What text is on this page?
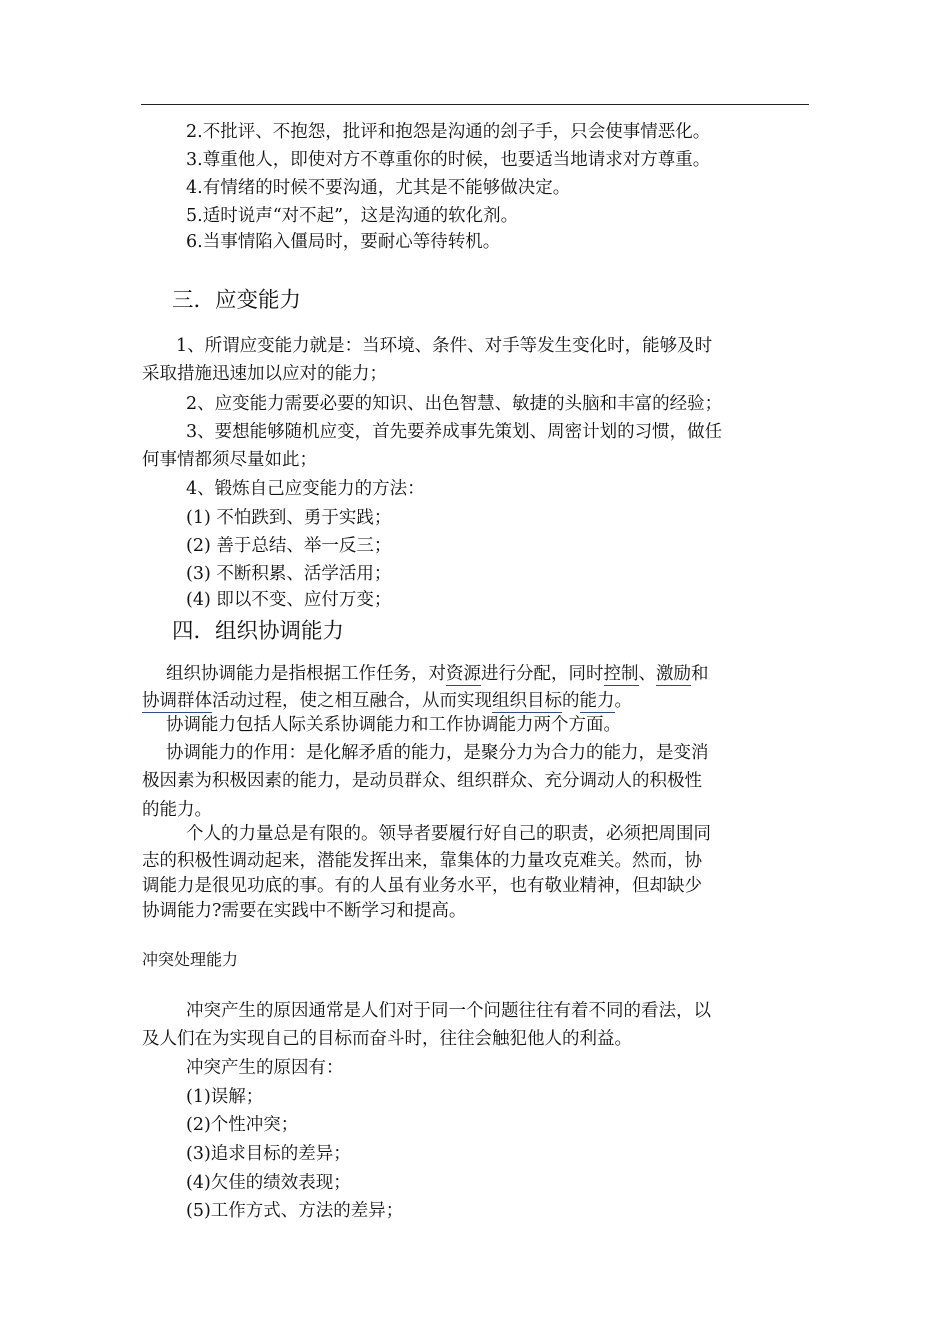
2.不批评、不抱怨，批评和抱怨是沟通的刽子手，只会使事情恶化。

3.尊重他人，即使对方不尊重你的时候，也要适当地请求对方尊重。

4.有情绪的时候不要沟通，尤其是不能够做决定。

5.适时说声“对不起”，这是沟通的软化剂。

6.当事情陷入僵局时，要耐心等待转机。

三．应变能力

1、所谓应变能力就是：当环境、条件、对手等发生变化时，能够及时

采取措施迅速加以应对的能力；

2、应变能力需要必要的知识、出色智慧、敏捷的头脑和丰富的经验；

3、要想能够随机应变，首先要养成事先策划、周密计划的习惯，做任

何事情都须尽量如此；

4、锻炼自己应变能力的方法：

(1) 不怕跌到、勇于实践；

(2) 善于总结、举一反三；

(3) 不断积累、活学活用；

(4) 即以不变、应付万变；

四．组织协调能力

组织协调能力是指根据工作任务，对资源进行分配，同时控制、激励和

协调群体活动过程，使之相互融合，从而实现组织目标的能力。

协调能力包括人际关系协调能力和工作协调能力两个方面。

协调能力的作用：是化解矛盾的能力，是聚分力为合力的能力，是变消

极因素为积极因素的能力，是动员群众、组织群众、充分调动人的积极性

的能力。

个人的力量总是有限的。领导者要履行好自己的职责，必须把周围同

志的积极性调动起来，潜能发挥出来，靠集体的力量攻克难关。然而，协

调能力是很见功底的事。有的人虽有业务水平，也有敬业精神，但却缺少

协调能力?需要在实践中不断学习和提高。

冲突处理能力

冲突产生的原因通常是人们对于同一个问题往往有着不同的看法，以

及人们在为实现自己的目标而奋斗时，往往会触犯他人的利益。

冲突产生的原因有：

(1)误解；

(2)个性冲突；

(3)追求目标的差异；

(4)欠佳的绩效表现；

(5)工作方式、方法的差异；
